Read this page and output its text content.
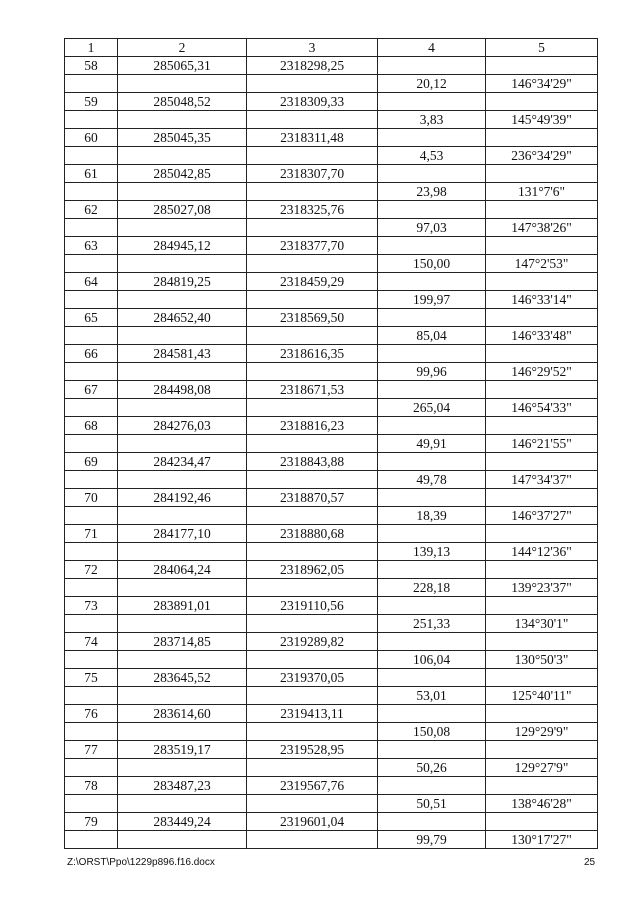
1	2	3	4	5
58	285065,31	2318298,25		
			20,12	146°34'29"
59	285048,52	2318309,33		
			3,83	145°49'39"
60	285045,35	2318311,48		
			4,53	236°34'29"
61	285042,85	2318307,70		
			23,98	131°7'6"
62	285027,08	2318325,76		
			97,03	147°38'26"
63	284945,12	2318377,70		
			150,00	147°2'53"
64	284819,25	2318459,29		
			199,97	146°33'14"
65	284652,40	2318569,50		
			85,04	146°33'48"
66	284581,43	2318616,35		
			99,96	146°29'52"
67	284498,08	2318671,53		
			265,04	146°54'33"
68	284276,03	2318816,23		
			49,91	146°21'55"
69	284234,47	2318843,88		
			49,78	147°34'37"
70	284192,46	2318870,57		
			18,39	146°37'27"
71	284177,10	2318880,68		
			139,13	144°12'36"
72	284064,24	2318962,05		
			228,18	139°23'37"
73	283891,01	2319110,56		
			251,33	134°30'1"
74	283714,85	2319289,82		
			106,04	130°50'3"
75	283645,52	2319370,05		
			53,01	125°40'11"
76	283614,60	2319413,11		
			150,08	129°29'9"
77	283519,17	2319528,95		
			50,26	129°27'9"
78	283487,23	2319567,76		
			50,51	138°46'28"
79	283449,24	2319601,04		
			99,79	130°17'27"
Z:\ORST\Ppo\1229p896.f16.docx	25
